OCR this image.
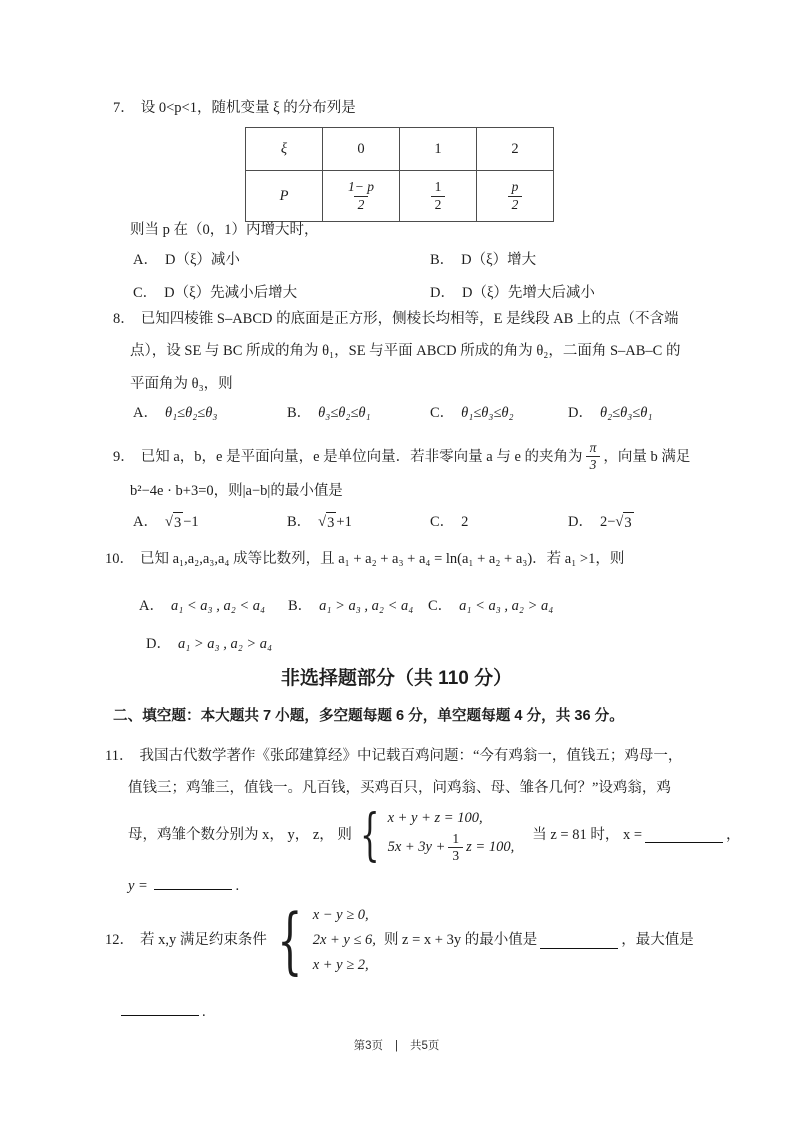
7． 设 0<p<1，随机变量 ξ 的分布列是
ξ	0	1	2
P	$\frac{1- p}{2}$	$\frac{1}{2}$	$\frac{p}{2}$
则当 p 在（0，1）内增大时，
A． D（ξ）减小	B． D（ξ）增大
C． D（ξ）先减小后增大	D． D（ξ）先增大后减小
8． 已知四棱锥 S–ABCD 的底面是正方形，侧棱长均相等，E 是线段 AB 上的点（不含端
点），设 SE 与 BC 所成的角为 θ₁，SE 与平面 ABCD 所成的角为 θ₂，二面角 S–AB–C 的
平面角为 θ₃，则
A． θ₁≤θ₂≤θ₃	B． θ₃≤θ₂≤θ₁	C． θ₁≤θ₃≤θ₂	D． θ₂≤θ₃≤θ₁
9． 已知 a，b，e 是平面向量，e 是单位向量．若非零向量 a 与 e 的夹角为 $\frac{\pi}{3}$ ，向量 b 满足
b²−4e · b+3=0，则|a−b|的最小值是
A． √ 3 −1	B． √ 3 +1	C． 2	D． 2− √ 3
10． 已知 a₁,a₂,a₃,a₄ 成等比数列，且 a₁ + a₂ + a₃ + a₄ = ln(a₁ + a₂ + a₃)．若 a₁ >1，则
A． a₁ < a₃ , a₂ < a₄ B． a₁ > a₃ , a₂ < a₄ C． a₁ < a₃ , a₂ > a₄
D． a₁ > a₃ , a₂ > a₄
非选择题部分（共 110 分）
二、填空题：本大题共 7 小题，多空题每题 6 分，单空题每题 4 分，共 36 分。
11． 我国古代数学著作《张邱建算经》中记载百鸡问题：“今有鸡翁一，值钱五；鸡母一，
值钱三；鸡雏三，值钱一。凡百钱，买鸡百只，问鸡翁、母、雏各几何？”设鸡翁，鸡
母，鸡雏个数分别为 x， y， z， 则 { x + y + z = 100,
$5x + 3y + \frac{1}{3}$ z = 100,
当 z = 81 时， x =	，
y =	.
12． 若 x,y 满足约束条件 { x − y ≥ 0,
2x + y ≤ 6,
x + y ≥ 2,
则 z = x + 3y 的最小值是	，最大值是
.
第3页 | 共5页
